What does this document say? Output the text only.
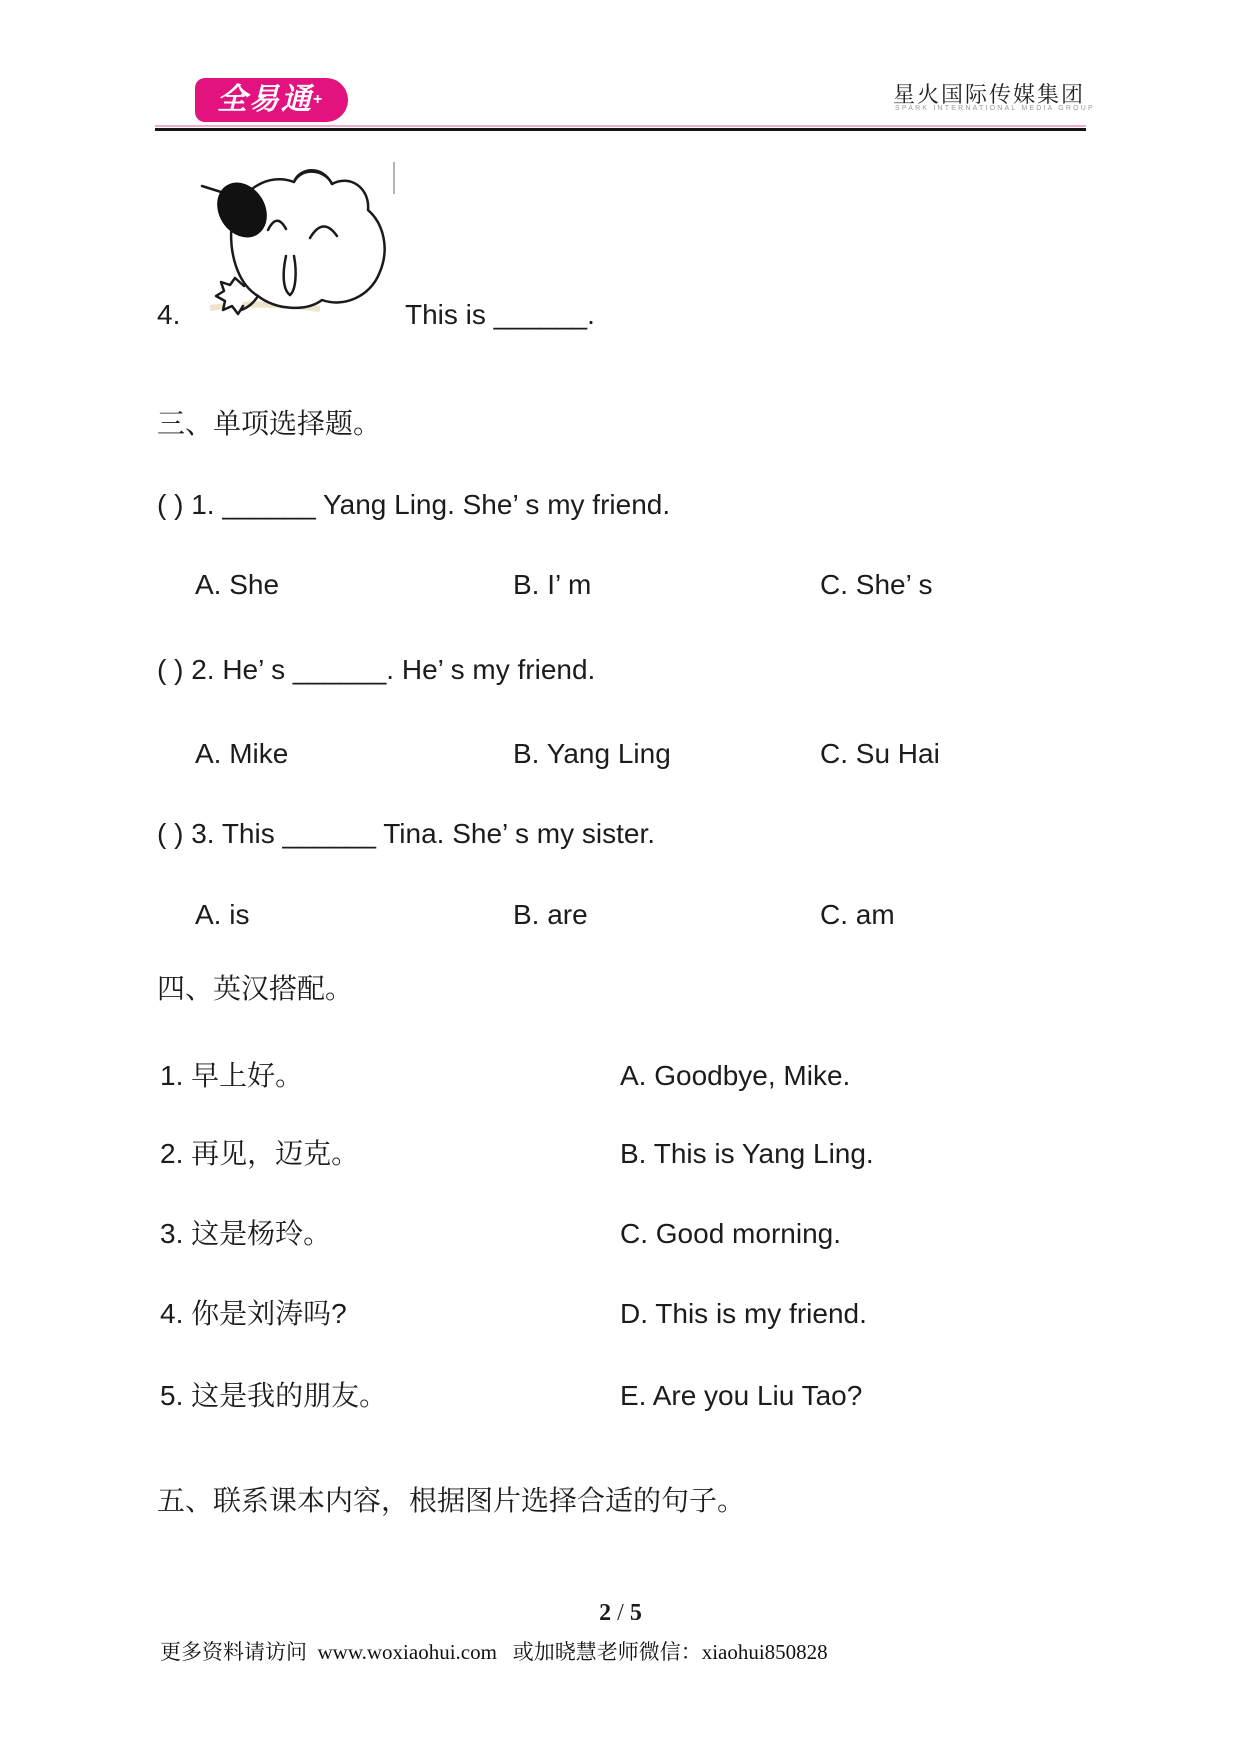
全易通 +	星火国际传媒集团
SPARK INTERNATIONAL MEDIA GROUP
4.	This is ______.
三、单项选择题。
( ) 1. ______ Yang Ling. She’ s my friend.
A. She	B. I’ m	C. She’ s
( ) 2. He’ s ______. He’ s my friend.
A. Mike	B. Yang Ling	C. Su Hai
( ) 3. This ______ Tina. She’ s my sister.
A. is	B. are	C. am
四、英汉搭配。
1. 早上好。	A. Goodbye, Mike.
2. 再见，迈克。	B. This is Yang Ling.
3. 这是杨玲。	C. Good morning.
4. 你是刘涛吗?	D. This is my friend.
5. 这是我的朋友。	E. Are you Liu Tao?
五、联系课本内容，根据图片选择合适的句子。
2 / 5
更多资料请访问  www.woxiaohui.com   或加晓慧老师微信：xiaohui850828
